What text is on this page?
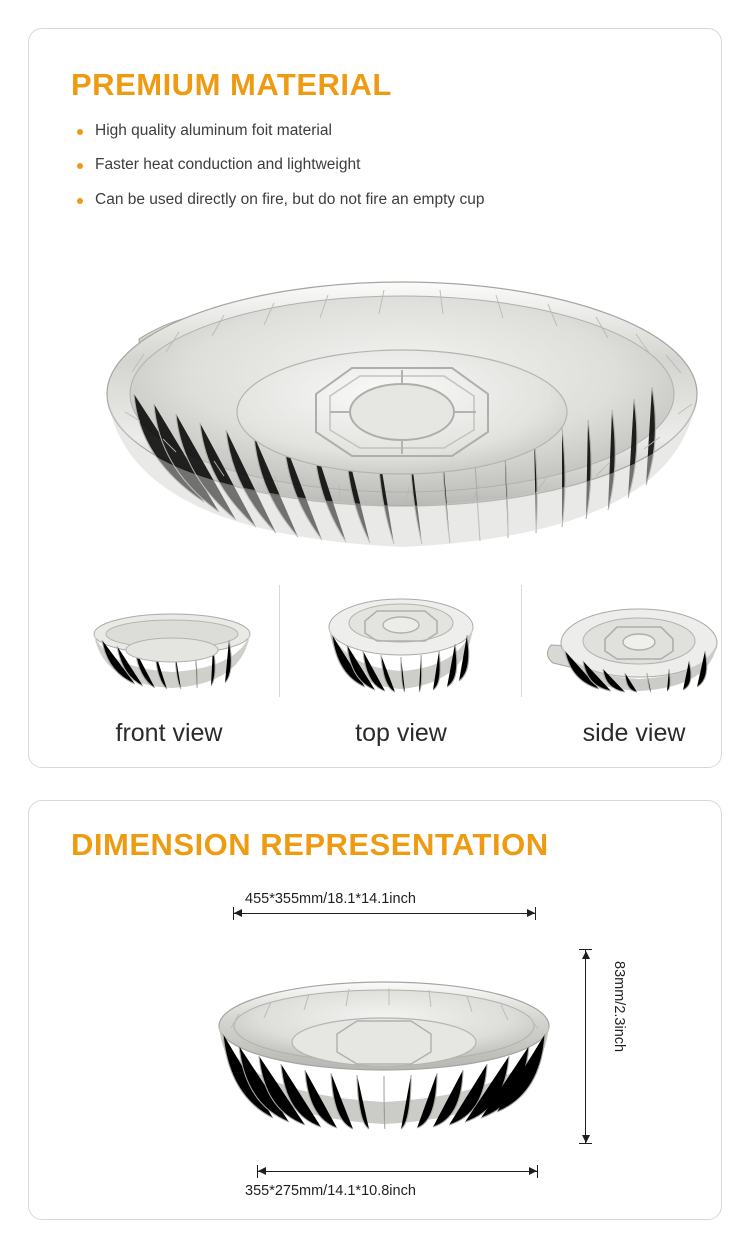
PREMIUM MATERIAL
High quality aluminum foit material
Faster heat conduction and lightweight
Can be used directly on fire, but do not fire an empty cup
front view	top view	side view
DIMENSION REPRESENTATION
455*355mm/18.1*14.1inch
83mm/2.3inch
355*275mm/14.1*10.8inch
